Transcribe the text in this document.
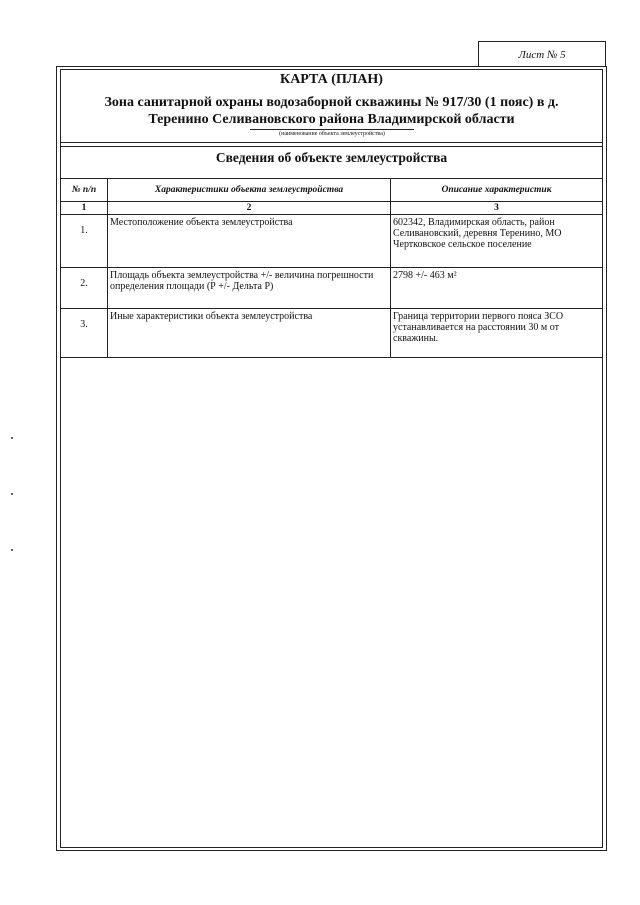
Лист № 5
КАРТА (ПЛАН)
Зона санитарной охраны водозаборной скважины № 917/30 (1 пояс) в д.
Теренино Селивановского района Владимирской области
(наименование объекта землеустройства)
Сведения об объекте землеустройства
№ п/п	Характеристики объекта землеустройства	Описание характеристик
1	2	3
1.	Местоположение объекта землеустройства	602342, Владимирская область, район Селивановский, деревня Теренино, МО Чертковское сельское поселение
2.	Площадь объекта землеустройства +/- величина погрешности определения площади (Р +/- Дельта Р)	2798 +/- 463 м²
3.	Иные характеристики объекта землеустройства	Граница территории первого пояса ЗСО устанавливается на расстоянии 30 м от скважины.
